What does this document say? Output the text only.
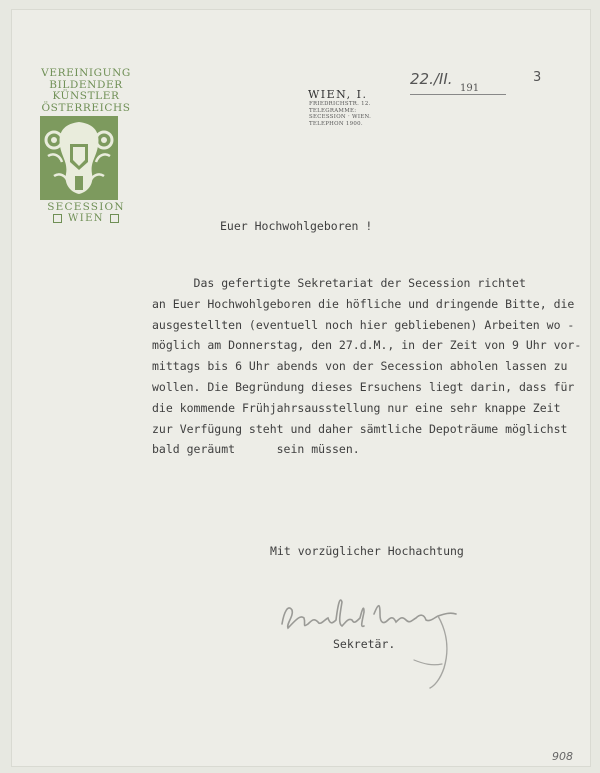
VEREINIGUNG
BILDENDER
KÜNSTLER
ÖSTERREICHS
SECESSION
WIEN
WIEN, I.
FRIEDRICHSTR. 12.
TELEGRAMME:
SECESSION · WIEN.
TELEPHON 1900.
22./II.
191
3
Euer Hochwohlgeboren !
Das gefertigte Sekretariat der Secession richtet
an Euer Hochwohlgeboren die höfliche und dringende Bitte, die
ausgestellten (eventuell noch hier gebliebenen) Arbeiten wo -
möglich am Donnerstag, den 27.d.M., in der Zeit von 9 Uhr vor-
mittags bis 6 Uhr abends von der Secession abholen lassen zu
wollen. Die Begründung dieses Ersuchens liegt darin, dass für
die kommende Frühjahrsausstellung nur eine sehr knappe Zeit
zur Verfügung steht und daher sämtliche Depoträume möglichst
bald geräumt      sein müssen.
Mit vorzüglicher Hochachtung
Sekretär.
908
